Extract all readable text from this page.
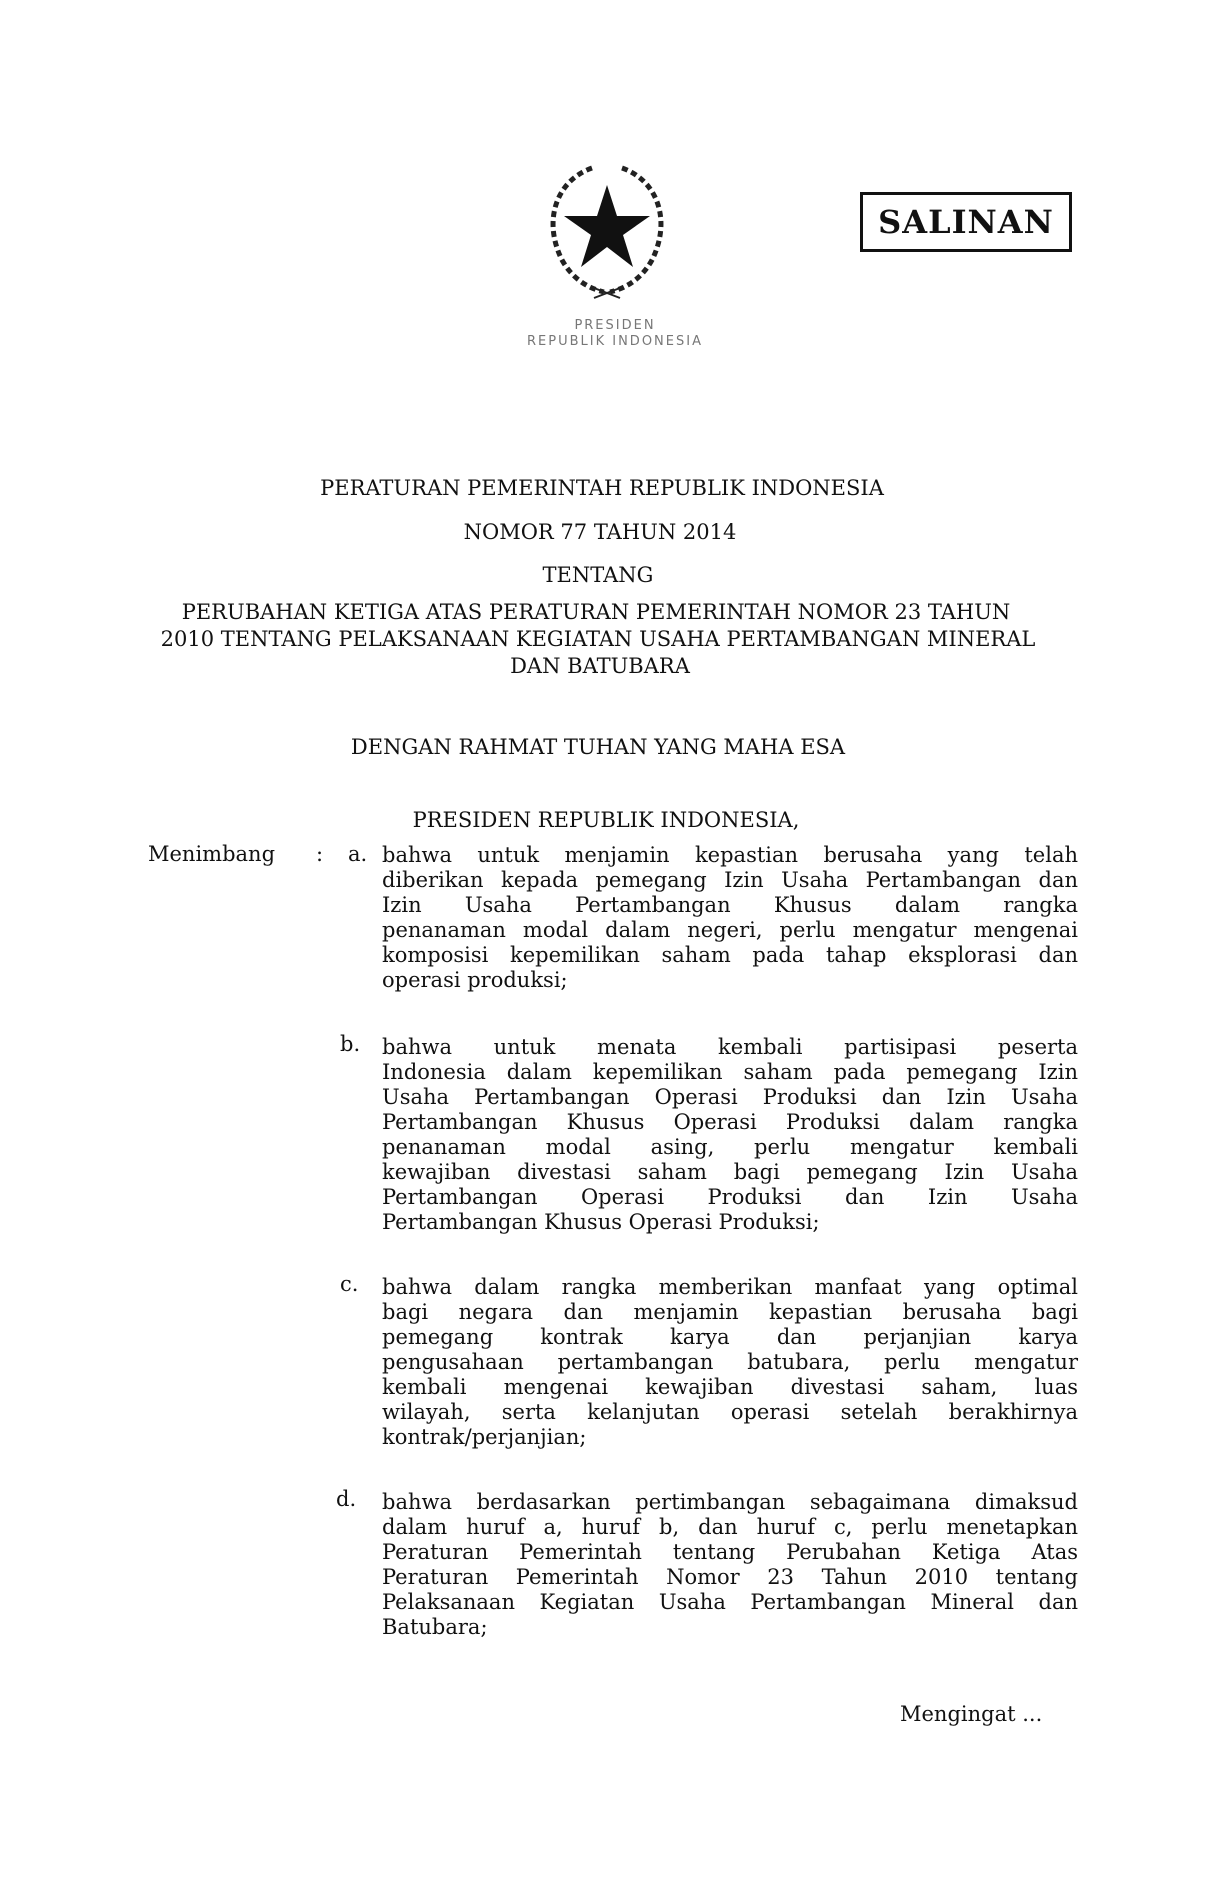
PRESIDEN
REPUBLIK INDONESIA
SALINAN
PERATURAN PEMERINTAH REPUBLIK INDONESIA
NOMOR 77 TAHUN 2014
TENTANG
PERUBAHAN KETIGA ATAS PERATURAN PEMERINTAH NOMOR 23 TAHUN
2010 TENTANG PELAKSANAAN KEGIATAN USAHA PERTAMBANGAN MINERAL
DAN BATUBARA
DENGAN RAHMAT TUHAN YANG MAHA ESA
PRESIDEN REPUBLIK INDONESIA,
Menimbang : a. bahwa untuk menjamin kepastian berusaha yang telah
diberikan kepada pemegang Izin Usaha Pertambangan dan
Izin Usaha Pertambangan Khusus dalam rangka
penanaman modal dalam negeri, perlu mengatur mengenai
komposisi kepemilikan saham pada tahap eksplorasi dan
operasi produksi;
b. bahwa untuk menata kembali partisipasi peserta
Indonesia dalam kepemilikan saham pada pemegang Izin
Usaha Pertambangan Operasi Produksi dan Izin Usaha
Pertambangan Khusus Operasi Produksi dalam rangka
penanaman modal asing, perlu mengatur kembali
kewajiban divestasi saham bagi pemegang Izin Usaha
Pertambangan Operasi Produksi dan Izin Usaha
Pertambangan Khusus Operasi Produksi;
c. bahwa dalam rangka memberikan manfaat yang optimal
bagi negara dan menjamin kepastian berusaha bagi
pemegang kontrak karya dan perjanjian karya
pengusahaan pertambangan batubara, perlu mengatur
kembali mengenai kewajiban divestasi saham, luas
wilayah, serta kelanjutan operasi setelah berakhirnya
kontrak/perjanjian;
d. bahwa berdasarkan pertimbangan sebagaimana dimaksud
dalam huruf a, huruf b, dan huruf c, perlu menetapkan
Peraturan Pemerintah tentang Perubahan Ketiga Atas
Peraturan Pemerintah Nomor 23 Tahun 2010 tentang
Pelaksanaan Kegiatan Usaha Pertambangan Mineral dan
Batubara;
Mengingat ...
